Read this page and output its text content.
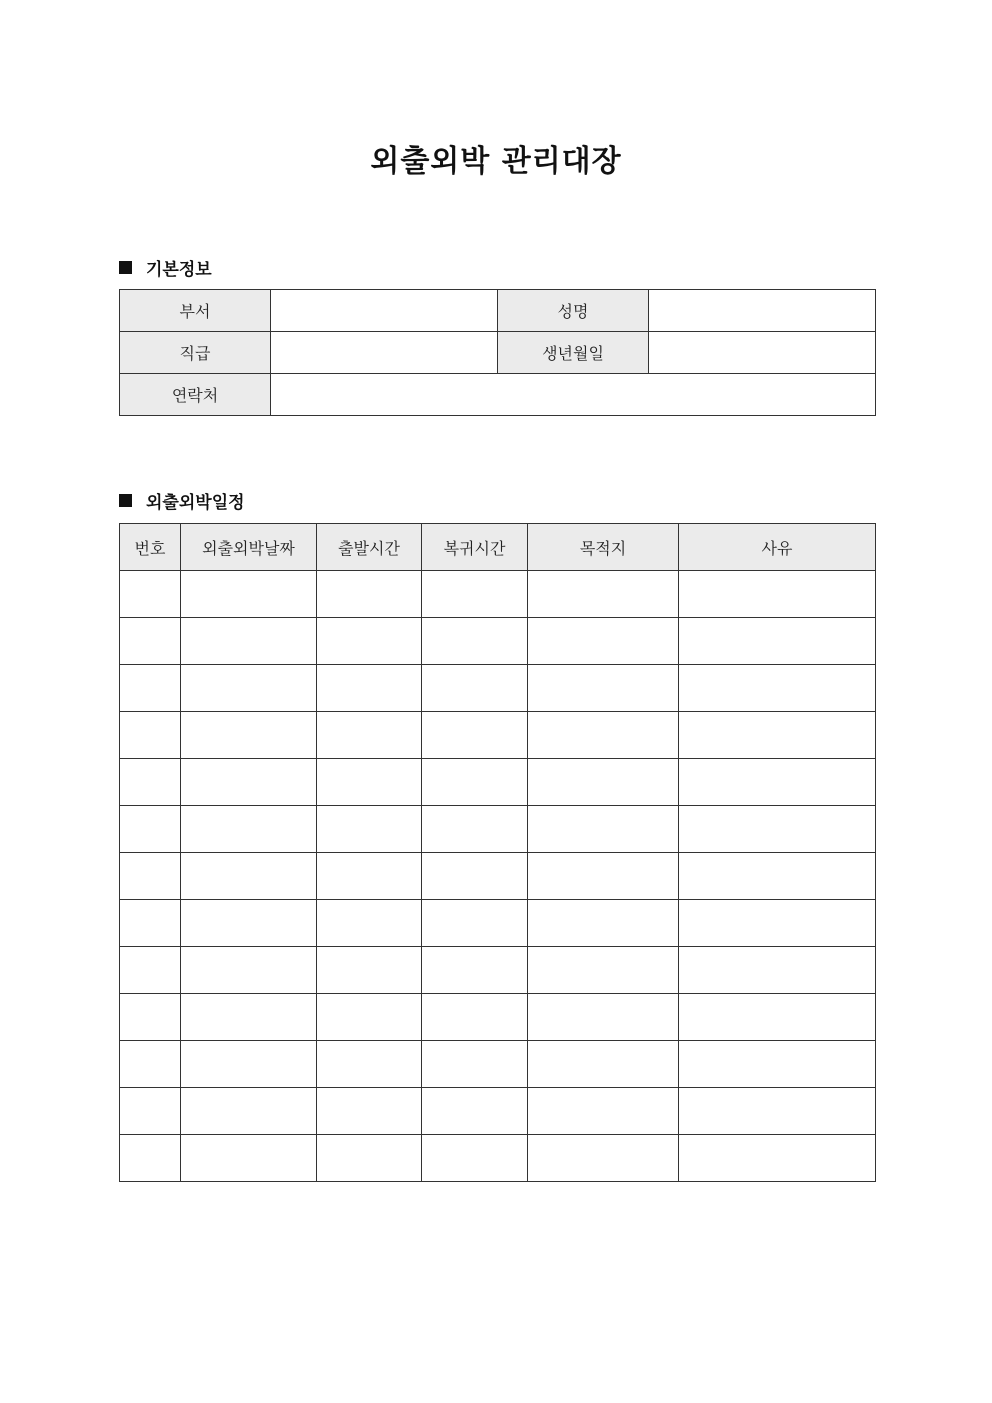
외출외박 관리대장
기본정보
부서		성명	
직급		생년월일	
연락처			
외출외박일정
번호	외출외박날짜	출발시간	복귀시간	목적지	사유
